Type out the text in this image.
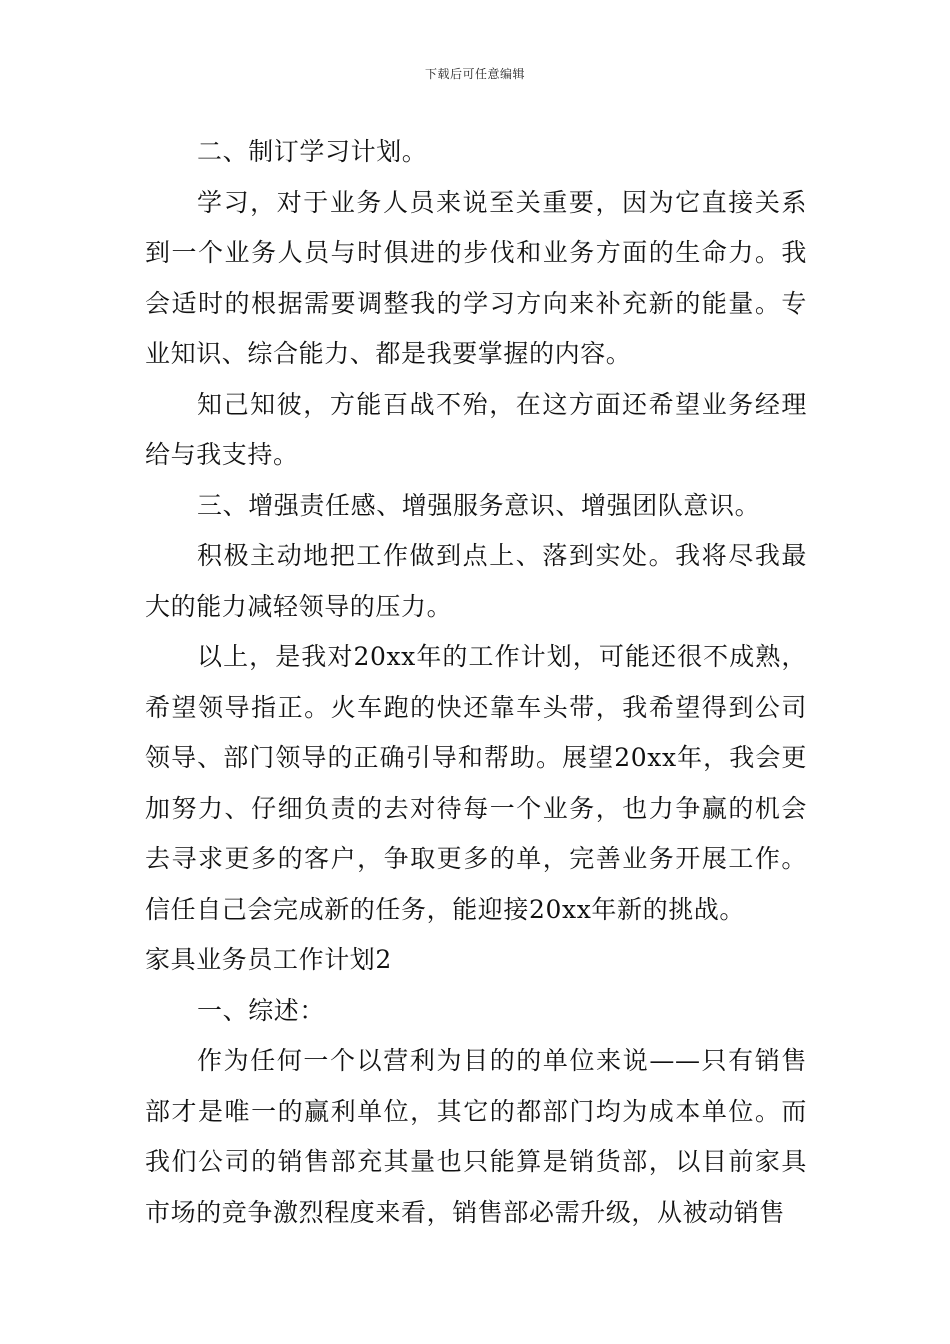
下载后可任意编辑

二、制订学习计划。

学习，对于业务人员来说至关重要，因为它直接关系到一个业务人员与时俱进的步伐和业务方面的生命力。我会适时的根据需要调整我的学习方向来补充新的能量。专业知识、综合能力、都是我要掌握的内容。

知己知彼，方能百战不殆，在这方面还希望业务经理给与我支持。

三、增强责任感、增强服务意识、增强团队意识。

积极主动地把工作做到点上、落到实处。我将尽我最大的能力减轻领导的压力。

以上，是我对20xx年的工作计划，可能还很不成熟，希望领导指正。火车跑的快还靠车头带，我希望得到公司领导、部门领导的正确引导和帮助。展望20xx年，我会更加努力、仔细负责的去对待每一个业务，也力争赢的机会去寻求更多的客户，争取更多的单，完善业务开展工作。信任自己会完成新的任务，能迎接20xx年新的挑战。

家具业务员工作计划2

一、综述：

作为任何一个以营利为目的的单位来说——只有销售部才是唯一的赢利单位，其它的都部门均为成本单位。而我们公司的销售部充其量也只能算是销货部，以目前家具市场的竞争激烈程度来看，销售部必需升级，从被动销售
